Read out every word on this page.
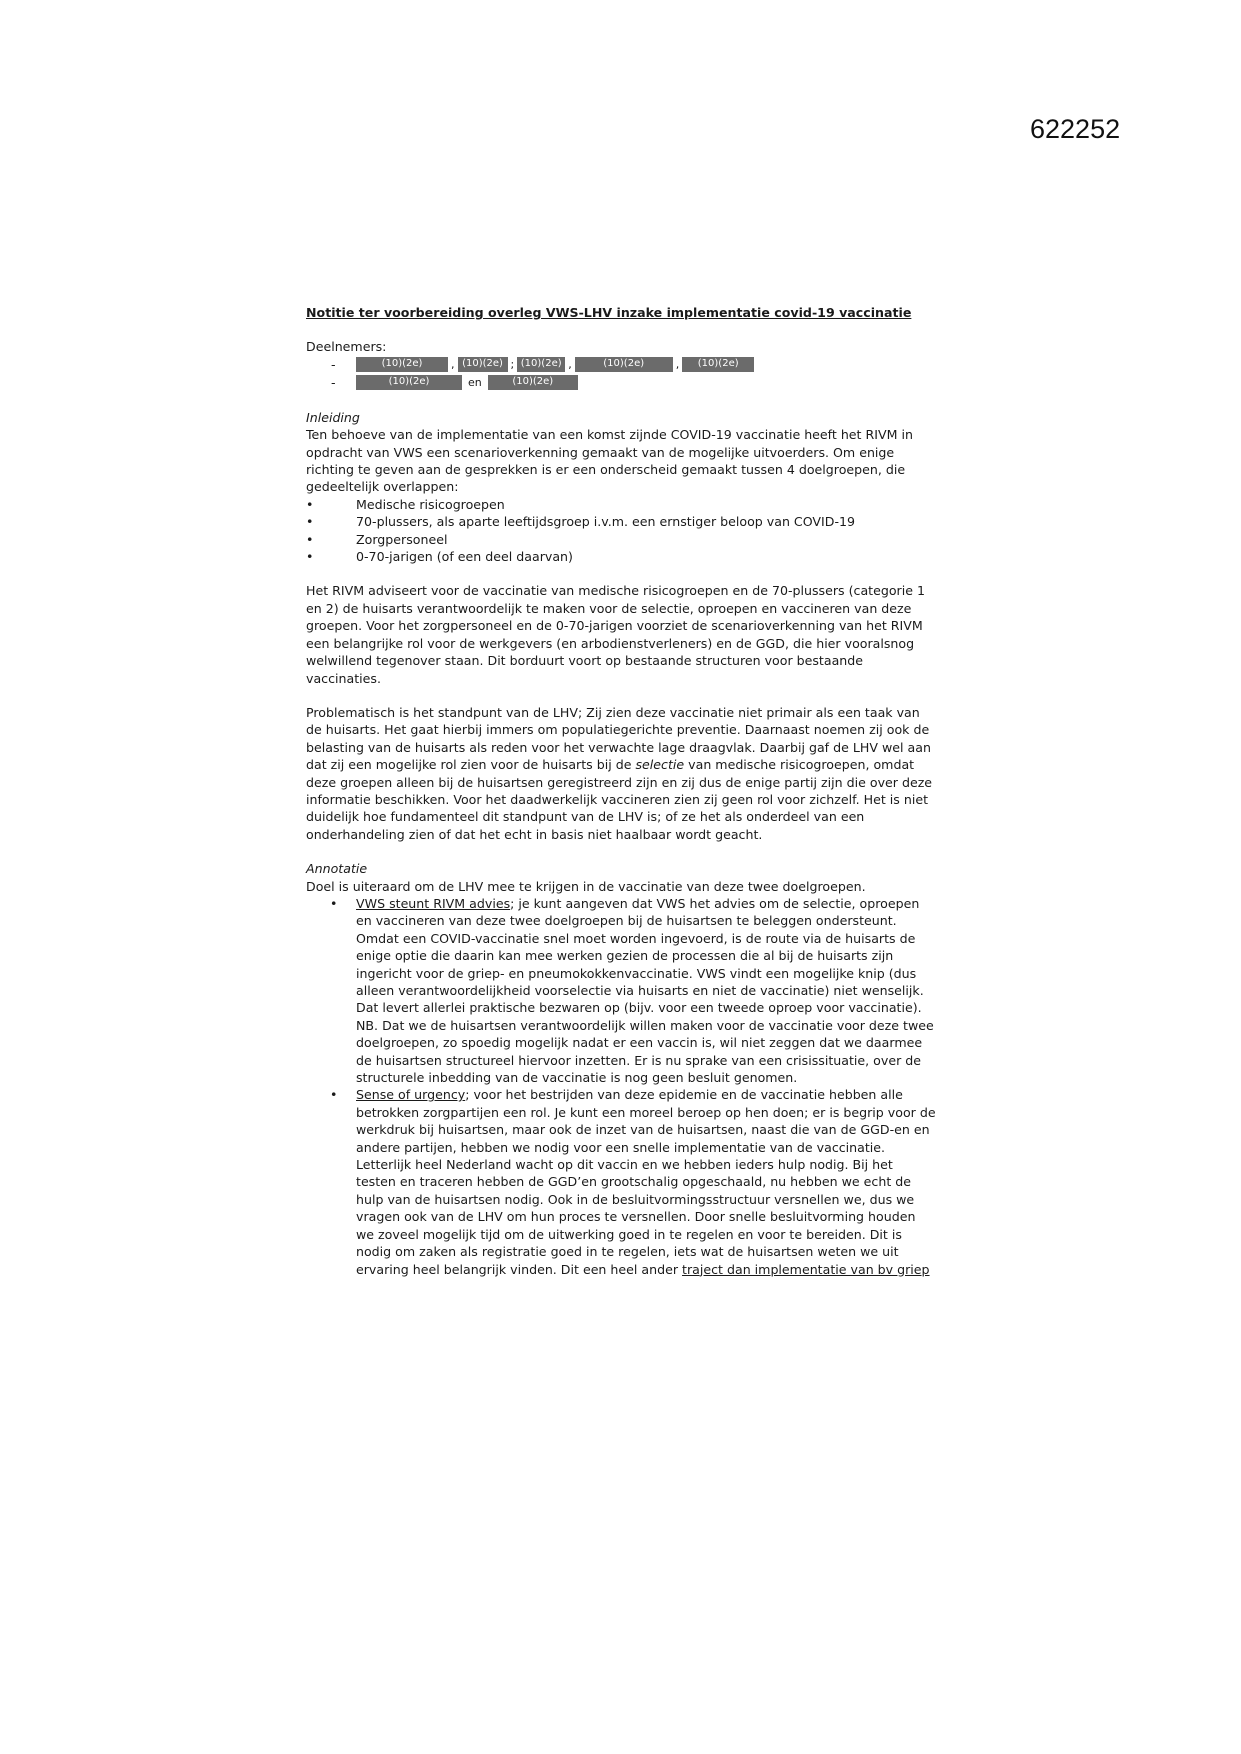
622252

Notitie ter voorbereiding overleg VWS-LHV inzake implementatie covid-19 vaccinatie

Deelnemers:

-	(10)(2e)	, (10)(2e) ; (10)(2e) ,	(10)(2e)	,	(10)(2e)
-	(10)(2e)	en	(10)(2e)

Inleiding

Ten behoeve van de implementatie van een komst zijnde COVID-19 vaccinatie heeft het RIVM in opdracht van VWS een scenarioverkenning gemaakt van de mogelijke uitvoerders. Om enige richting te geven aan de gesprekken is er een onderscheid gemaakt tussen 4 doelgroepen, die gedeeltelijk overlappen:

•	Medische risicogroepen
•	70-plussers, als aparte leeftijdsgroep i.v.m. een ernstiger beloop van COVID-19
•	Zorgpersoneel
•	0-70-jarigen (of een deel daarvan)

Het RIVM adviseert voor de vaccinatie van medische risicogroepen en de 70-plussers (categorie 1 en 2) de huisarts verantwoordelijk te maken voor de selectie, oproepen en vaccineren van deze groepen. Voor het zorgpersoneel en de 0-70-jarigen voorziet de scenarioverkenning van het RIVM een belangrijke rol voor de werkgevers (en arbodienstverleners) en de GGD, die hier vooralsnog welwillend tegenover staan. Dit borduurt voort op bestaande structuren voor bestaande vaccinaties.

Problematisch is het standpunt van de LHV; Zij zien deze vaccinatie niet primair als een taak van de huisarts. Het gaat hierbij immers om populatiegerichte preventie. Daarnaast noemen zij ook de belasting van de huisarts als reden voor het verwachte lage draagvlak. Daarbij gaf de LHV wel aan dat zij een mogelijke rol zien voor de huisarts bij de selectie van medische risicogroepen, omdat deze groepen alleen bij de huisartsen geregistreerd zijn en zij dus de enige partij zijn die over deze informatie beschikken. Voor het daadwerkelijk vaccineren zien zij geen rol voor zichzelf. Het is niet duidelijk hoe fundamenteel dit standpunt van de LHV is; of ze het als onderdeel van een onderhandeling zien of dat het echt in basis niet haalbaar wordt geacht.

Annotatie

Doel is uiteraard om de LHV mee te krijgen in de vaccinatie van deze twee doelgroepen.

•	VWS steunt RIVM advies; je kunt aangeven dat VWS het advies om de selectie, oproepen en vaccineren van deze twee doelgroepen bij de huisartsen te beleggen ondersteunt. Omdat een COVID-vaccinatie snel moet worden ingevoerd, is de route via de huisarts de enige optie die daarin kan mee werken gezien de processen die al bij de huisarts zijn ingericht voor de griep- en pneumokokkenvaccinatie. VWS vindt een mogelijke knip (dus alleen verantwoordelijkheid voorselectie via huisarts en niet de vaccinatie) niet wenselijk. Dat levert allerlei praktische bezwaren op (bijv. voor een tweede oproep voor vaccinatie). NB. Dat we de huisartsen verantwoordelijk willen maken voor de vaccinatie voor deze twee doelgroepen, zo spoedig mogelijk nadat er een vaccin is, wil niet zeggen dat we daarmee de huisartsen structureel hiervoor inzetten. Er is nu sprake van een crisissituatie, over de structurele inbedding van de vaccinatie is nog geen besluit genomen.
•	Sense of urgency; voor het bestrijden van deze epidemie en de vaccinatie hebben alle betrokken zorgpartijen een rol. Je kunt een moreel beroep op hen doen; er is begrip voor de werkdruk bij huisartsen, maar ook de inzet van de huisartsen, naast die van de GGD-en en andere partijen, hebben we nodig voor een snelle implementatie van de vaccinatie. Letterlijk heel Nederland wacht op dit vaccin en we hebben ieders hulp nodig. Bij het testen en traceren hebben de GGD’en grootschalig opgeschaald, nu hebben we echt de hulp van de huisartsen nodig. Ook in de besluitvormingsstructuur versnellen we, dus we vragen ook van de LHV om hun proces te versnellen. Door snelle besluitvorming houden we zoveel mogelijk tijd om de uitwerking goed in te regelen en voor te bereiden. Dit is nodig om zaken als registratie goed in te regelen, iets wat de huisartsen weten we uit ervaring heel belangrijk vinden. Dit een heel ander traject dan implementatie van bv griep
